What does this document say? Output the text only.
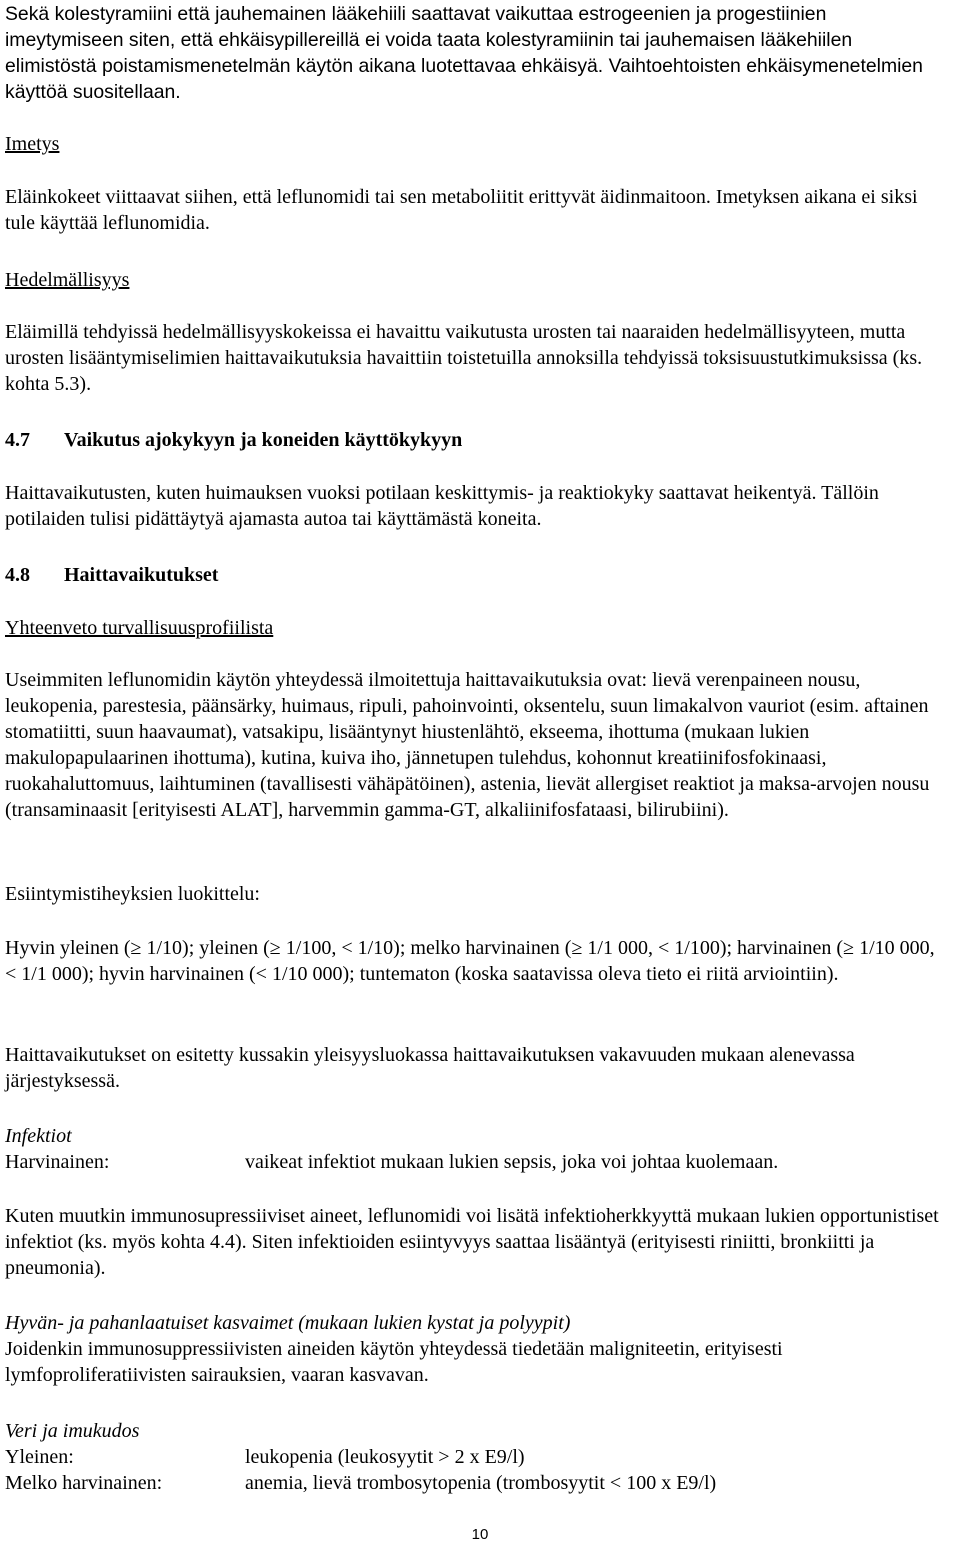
Sekä kolestyramiini että jauhemainen lääkehiili saattavat vaikuttaa estrogeenien ja progestiinien imeytymiseen siten, että ehkäisypillereillä ei voida taata kolestyramiinin tai jauhemaisen lääkehiilen elimistöstä poistamismenetelmän käytön aikana luotettavaa ehkäisyä. Vaihtoehtoisten ehkäisymenetelmien käyttöä suositellaan.

Imetys

Eläinkokeet viittaavat siihen, että leflunomidi tai sen metaboliitit erittyvät äidinmaitoon. Imetyksen aikana ei siksi tule käyttää leflunomidia.

Hedelmällisyys

Eläimillä tehdyissä hedelmällisyyskokeissa ei havaittu vaikutusta urosten tai naaraiden hedelmällisyyteen, mutta urosten lisääntymiselimien haittavaikutuksia havaittiin toistetuilla annoksilla tehdyissä toksisuustutkimuksissa (ks. kohta 5.3).

4.7 Vaikutus ajokykyyn ja koneiden käyttökykyyn

Haittavaikutusten, kuten huimauksen vuoksi potilaan keskittymis- ja reaktiokyky saattavat heikentyä. Tällöin potilaiden tulisi pidättäytyä ajamasta autoa tai käyttämästä koneita.

4.8 Haittavaikutukset

Yhteenveto turvallisuusprofiilista

Useimmiten leflunomidin käytön yhteydessä ilmoitettuja haittavaikutuksia ovat: lievä verenpaineen nousu, leukopenia, parestesia, päänsärky, huimaus, ripuli, pahoinvointi, oksentelu, suun limakalvon vauriot (esim. aftainen stomatiitti, suun haavaumat), vatsakipu, lisääntynyt hiustenlähtö, ekseema, ihottuma (mukaan lukien makulopapulaarinen ihottuma), kutina, kuiva iho, jännetupen tulehdus, kohonnut kreatiinifosfokinaasi, ruokahaluttomuus, laihtuminen (tavallisesti vähäpätöinen), astenia, lievät allergiset reaktiot ja maksa-arvojen nousu (transaminaasit [erityisesti ALAT], harvemmin gamma-GT, alkaliinifosfataasi, bilirubiini).

Esiintymistiheyksien luokittelu:

Hyvin yleinen (≥ 1/10); yleinen (≥ 1/100, < 1/10); melko harvinainen (≥ 1/1 000, < 1/100); harvinainen (≥ 1/10 000, < 1/1 000); hyvin harvinainen (< 1/10 000); tuntematon (koska saatavissa oleva tieto ei riitä arviointiin).

Haittavaikutukset on esitetty kussakin yleisyysluokassa haittavaikutuksen vakavuuden mukaan alenevassa järjestyksessä.

Infektiot

Harvinainen:	vaikeat infektiot mukaan lukien sepsis, joka voi johtaa kuolemaan.

Kuten muutkin immunosupressiiviset aineet, leflunomidi voi lisätä infektioherkkyyttä mukaan lukien opportunistiset infektiot (ks. myös kohta 4.4). Siten infektioiden esiintyvyys saattaa lisääntyä (erityisesti riniitti, bronkiitti ja pneumonia).

Hyvän- ja pahanlaatuiset kasvaimet (mukaan lukien kystat ja polyypit)

Joidenkin immunosuppressiivisten aineiden käytön yhteydessä tiedetään maligniteetin, erityisesti lymfoproliferatiivisten sairauksien, vaaran kasvavan.

Veri ja imukudos

Yleinen:	leukopenia (leukosyytit > 2 x E9/l)
Melko harvinainen:	anemia, lievä trombosytopenia (trombosyytit < 100 x E9/l)
10
